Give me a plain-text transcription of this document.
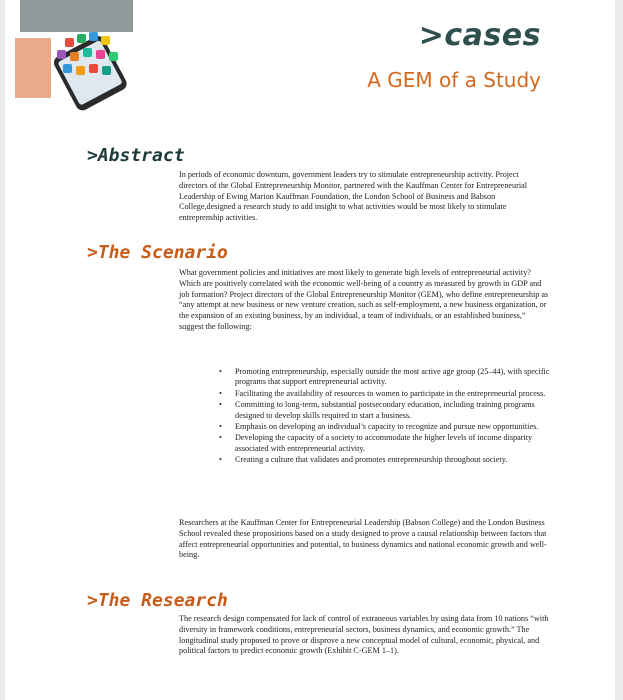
>cases
A GEM of a Study
>Abstract

In periods of economic downturn, government leaders try to stimulate entrepreneurship activity. Project directors of the Global Entrepreneurship Monitor, partnered with the Kauffman Center for Entrepreneurial Leadership of Ewing Marion Kauffman Foundation, the London School of Business and Babson College,designed a research study to add insight to what activities would be most likely to stimulate entreprenship activities.

>The Scenario

What government policies and initiatives are most likely to generate high levels of entrepreneurial activity? Which are positively correlated with the economic well-being of a country as measured by growth in GDP and job formation? Project directors of the Global Entrepreneurship Monitor (GEM), who define entrepreneurship as “any attempt at new business or new venture creation, such as self-employment, a new business organization, or the expansion of an existing business, by an individual, a team of individuals, or an established business,” suggest the following:

• Promoting entrepreneurship, especially outside the most active age group (25–44), with specific programs that support entrepreneurial activity.
• Facilitating the availability of resources to women to participate in the entrepreneurial process.
• Committing to long-term, substantial postsecondary education, including training programs designed to develop skills required to start a business.
• Emphasis on developing an individual’s capacity to recognize and pursue new opportunities.
• Developing the capacity of a society to accommodate the higher levels of income disparity associated with entrepreneurial activity.
• Creating a culture that validates and promotes entrepreneurship throughout society.

Researchers at the Kauffman Center for Entrepreneurial Leadership (Babson College) and the London Business School revealed these propositions based on a study designed to prove a causal relationship between factors that affect entrepreneurial opportunities and potential, to business dynamics and national economic growth and well-being.

>The Research

The research design compensated for lack of control of extraneous variables by using data from 10 nations “with diversity in framework conditions, entrepreneurial sectors, business dynamics, and economic growth.” The longitudinal study proposed to prove or disprove a new conceptual model of cultural, economic, physical, and political factors to predict economic growth (Exhibit C-GEM 1–1).
